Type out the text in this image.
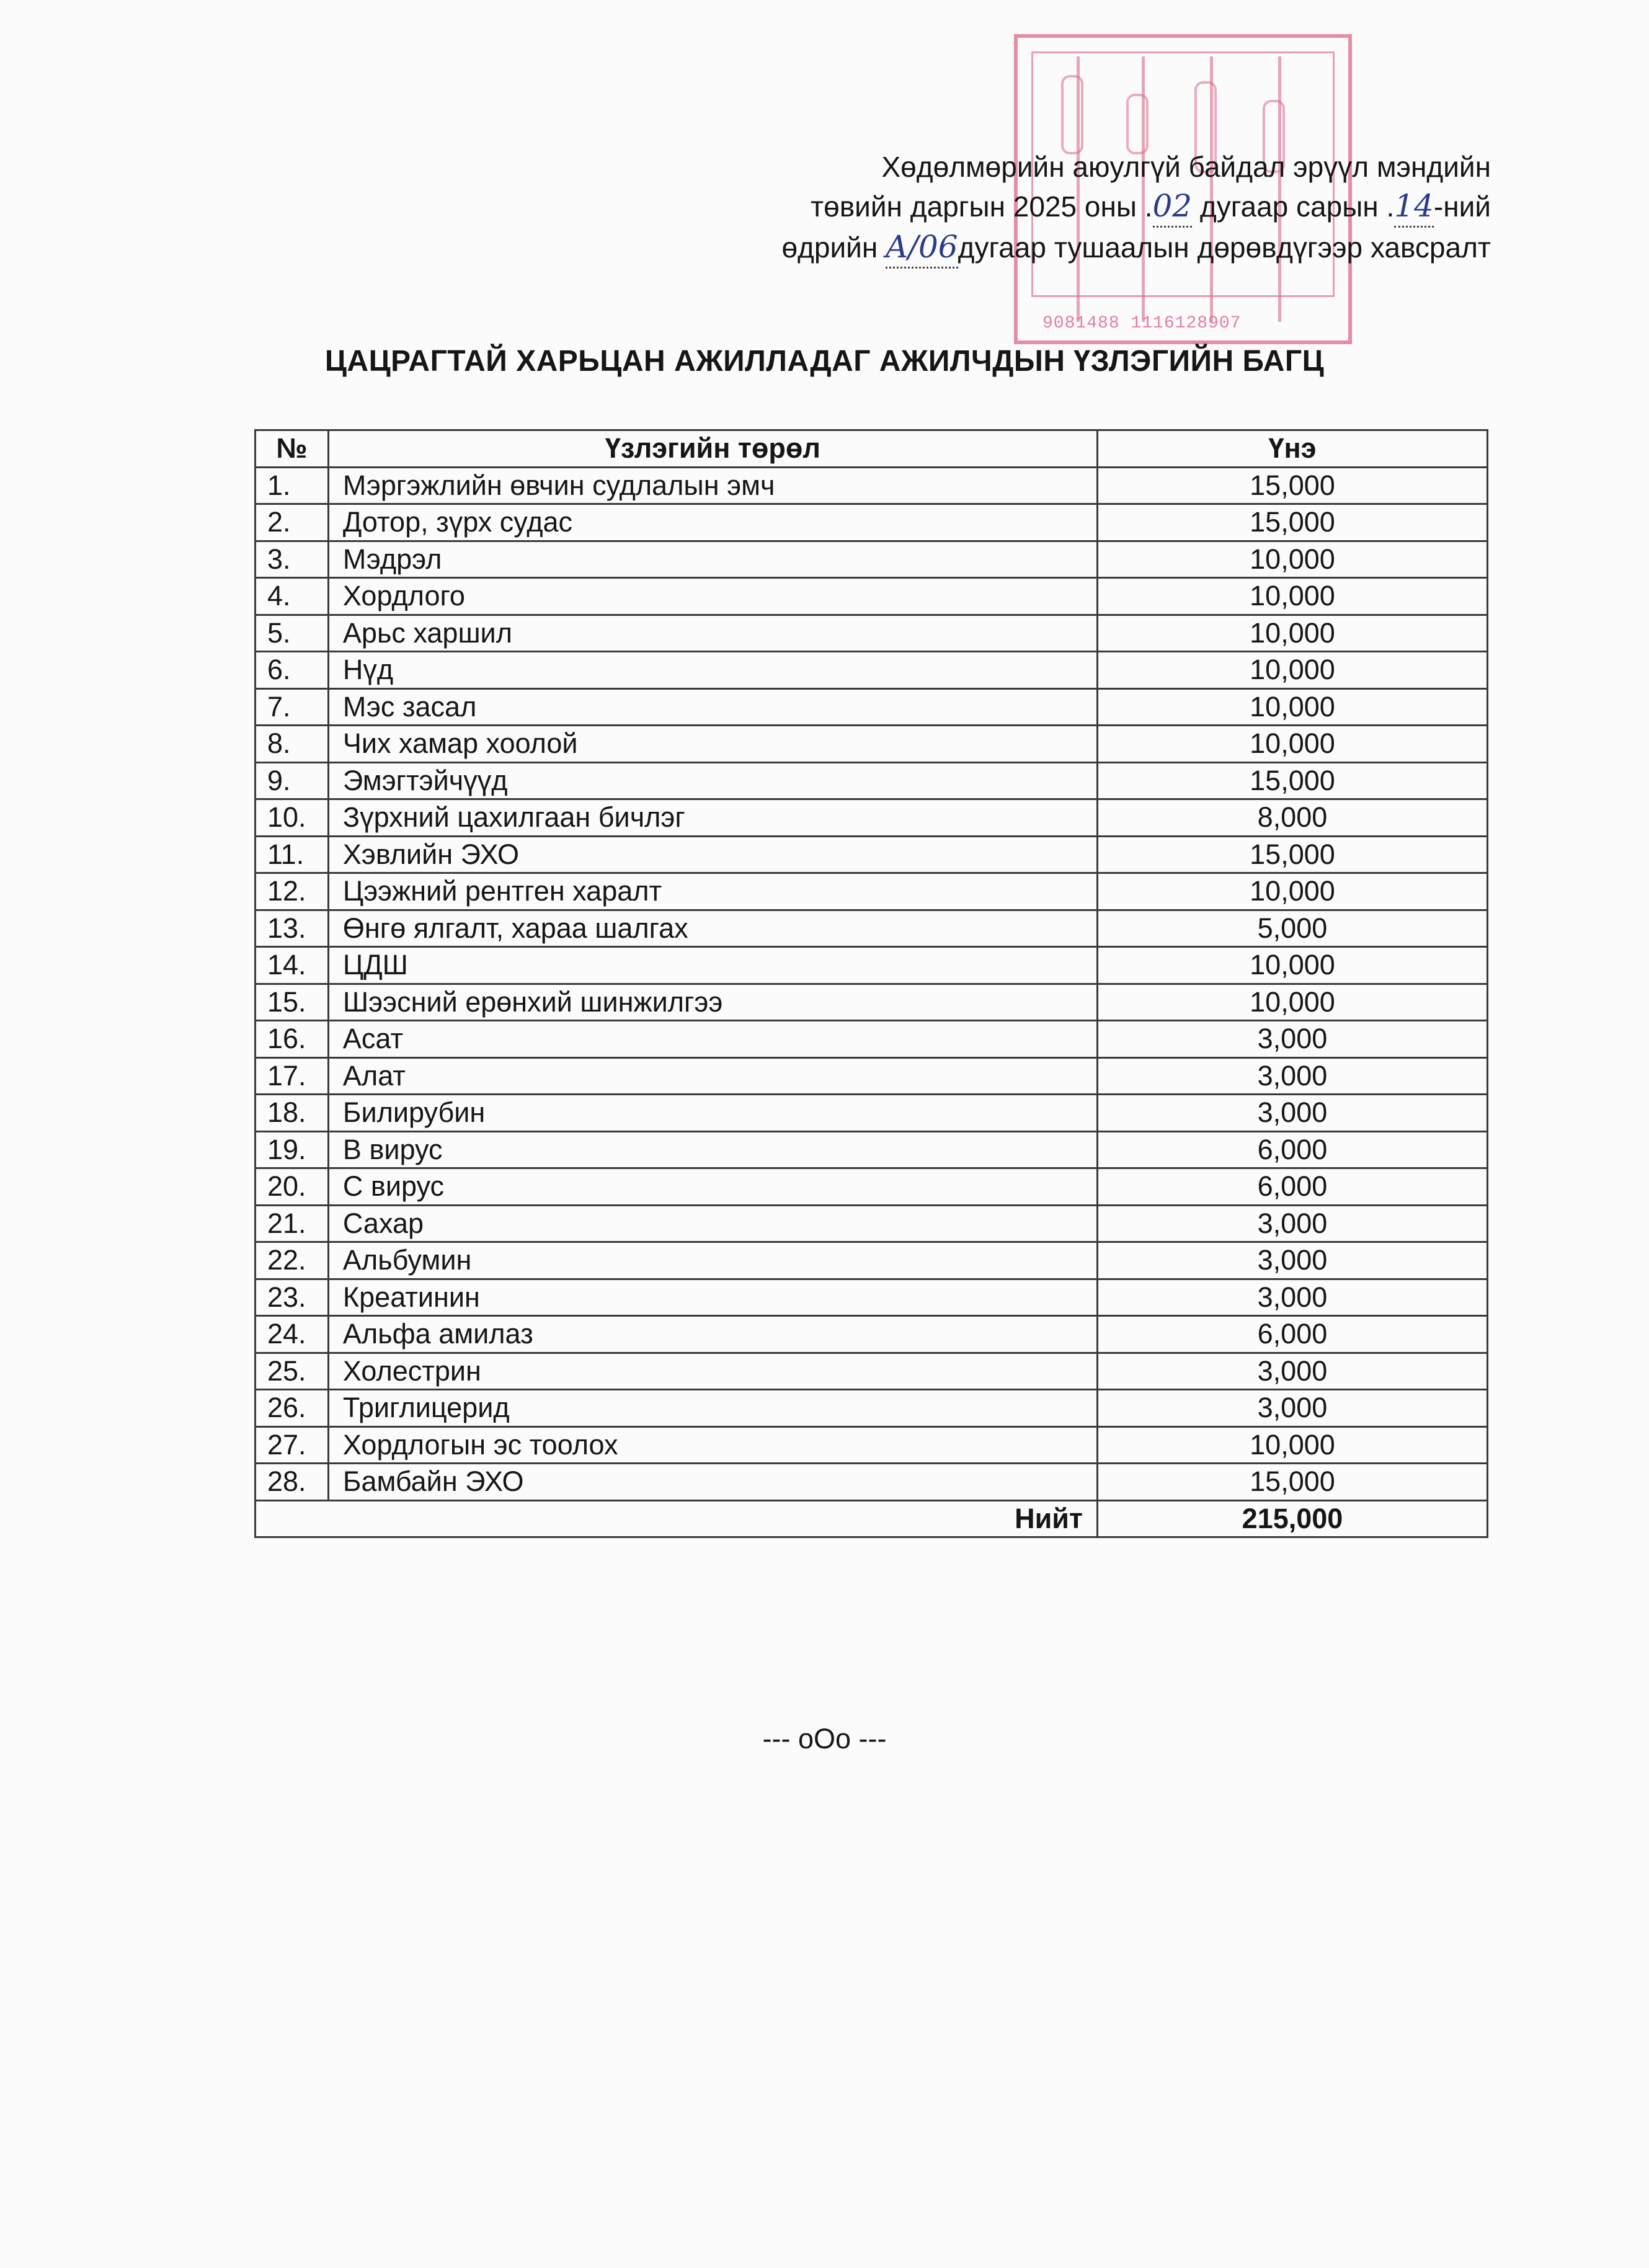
9081488 1116128907
Хөдөлмөрийн аюулгүй байдал эрүүл мэндийн
төвийн даргын 2025 оны .02 дугаар сарын .14-ний
өдрийн A/06дугаар тушаалын дөрөвдүгээр хавсралт
ЦАЦРАГТАЙ ХАРЬЦАН АЖИЛЛАДАГ АЖИЛЧДЫН ҮЗЛЭГИЙН БАГЦ
№	Үзлэгийн төрөл	Үнэ
1.	Мэргэжлийн өвчин судлалын эмч	15,000
2.	Дотор, зүрх судас	15,000
3.	Мэдрэл	10,000
4.	Хордлого	10,000
5.	Арьс харшил	10,000
6.	Нүд	10,000
7.	Мэс засал	10,000
8.	Чих хамар хоолой	10,000
9.	Эмэгтэйчүүд	15,000
10.	Зүрхний цахилгаан бичлэг	8,000
11.	Хэвлийн ЭХО	15,000
12.	Цээжний рентген харалт	10,000
13.	Өнгө ялгалт, хараа шалгах	5,000
14.	ЦДШ	10,000
15.	Шээсний ерөнхий шинжилгээ	10,000
16.	Асат	3,000
17.	Алат	3,000
18.	Билирубин	3,000
19.	В вирус	6,000
20.	С вирус	6,000
21.	Сахар	3,000
22.	Альбумин	3,000
23.	Креатинин	3,000
24.	Альфа амилаз	6,000
25.	Холестрин	3,000
26.	Триглицерид	3,000
27.	Хордлогын эс тоолох	10,000
28.	Бамбайн ЭХО	15,000
Нийт		215,000
--- oOo ---
